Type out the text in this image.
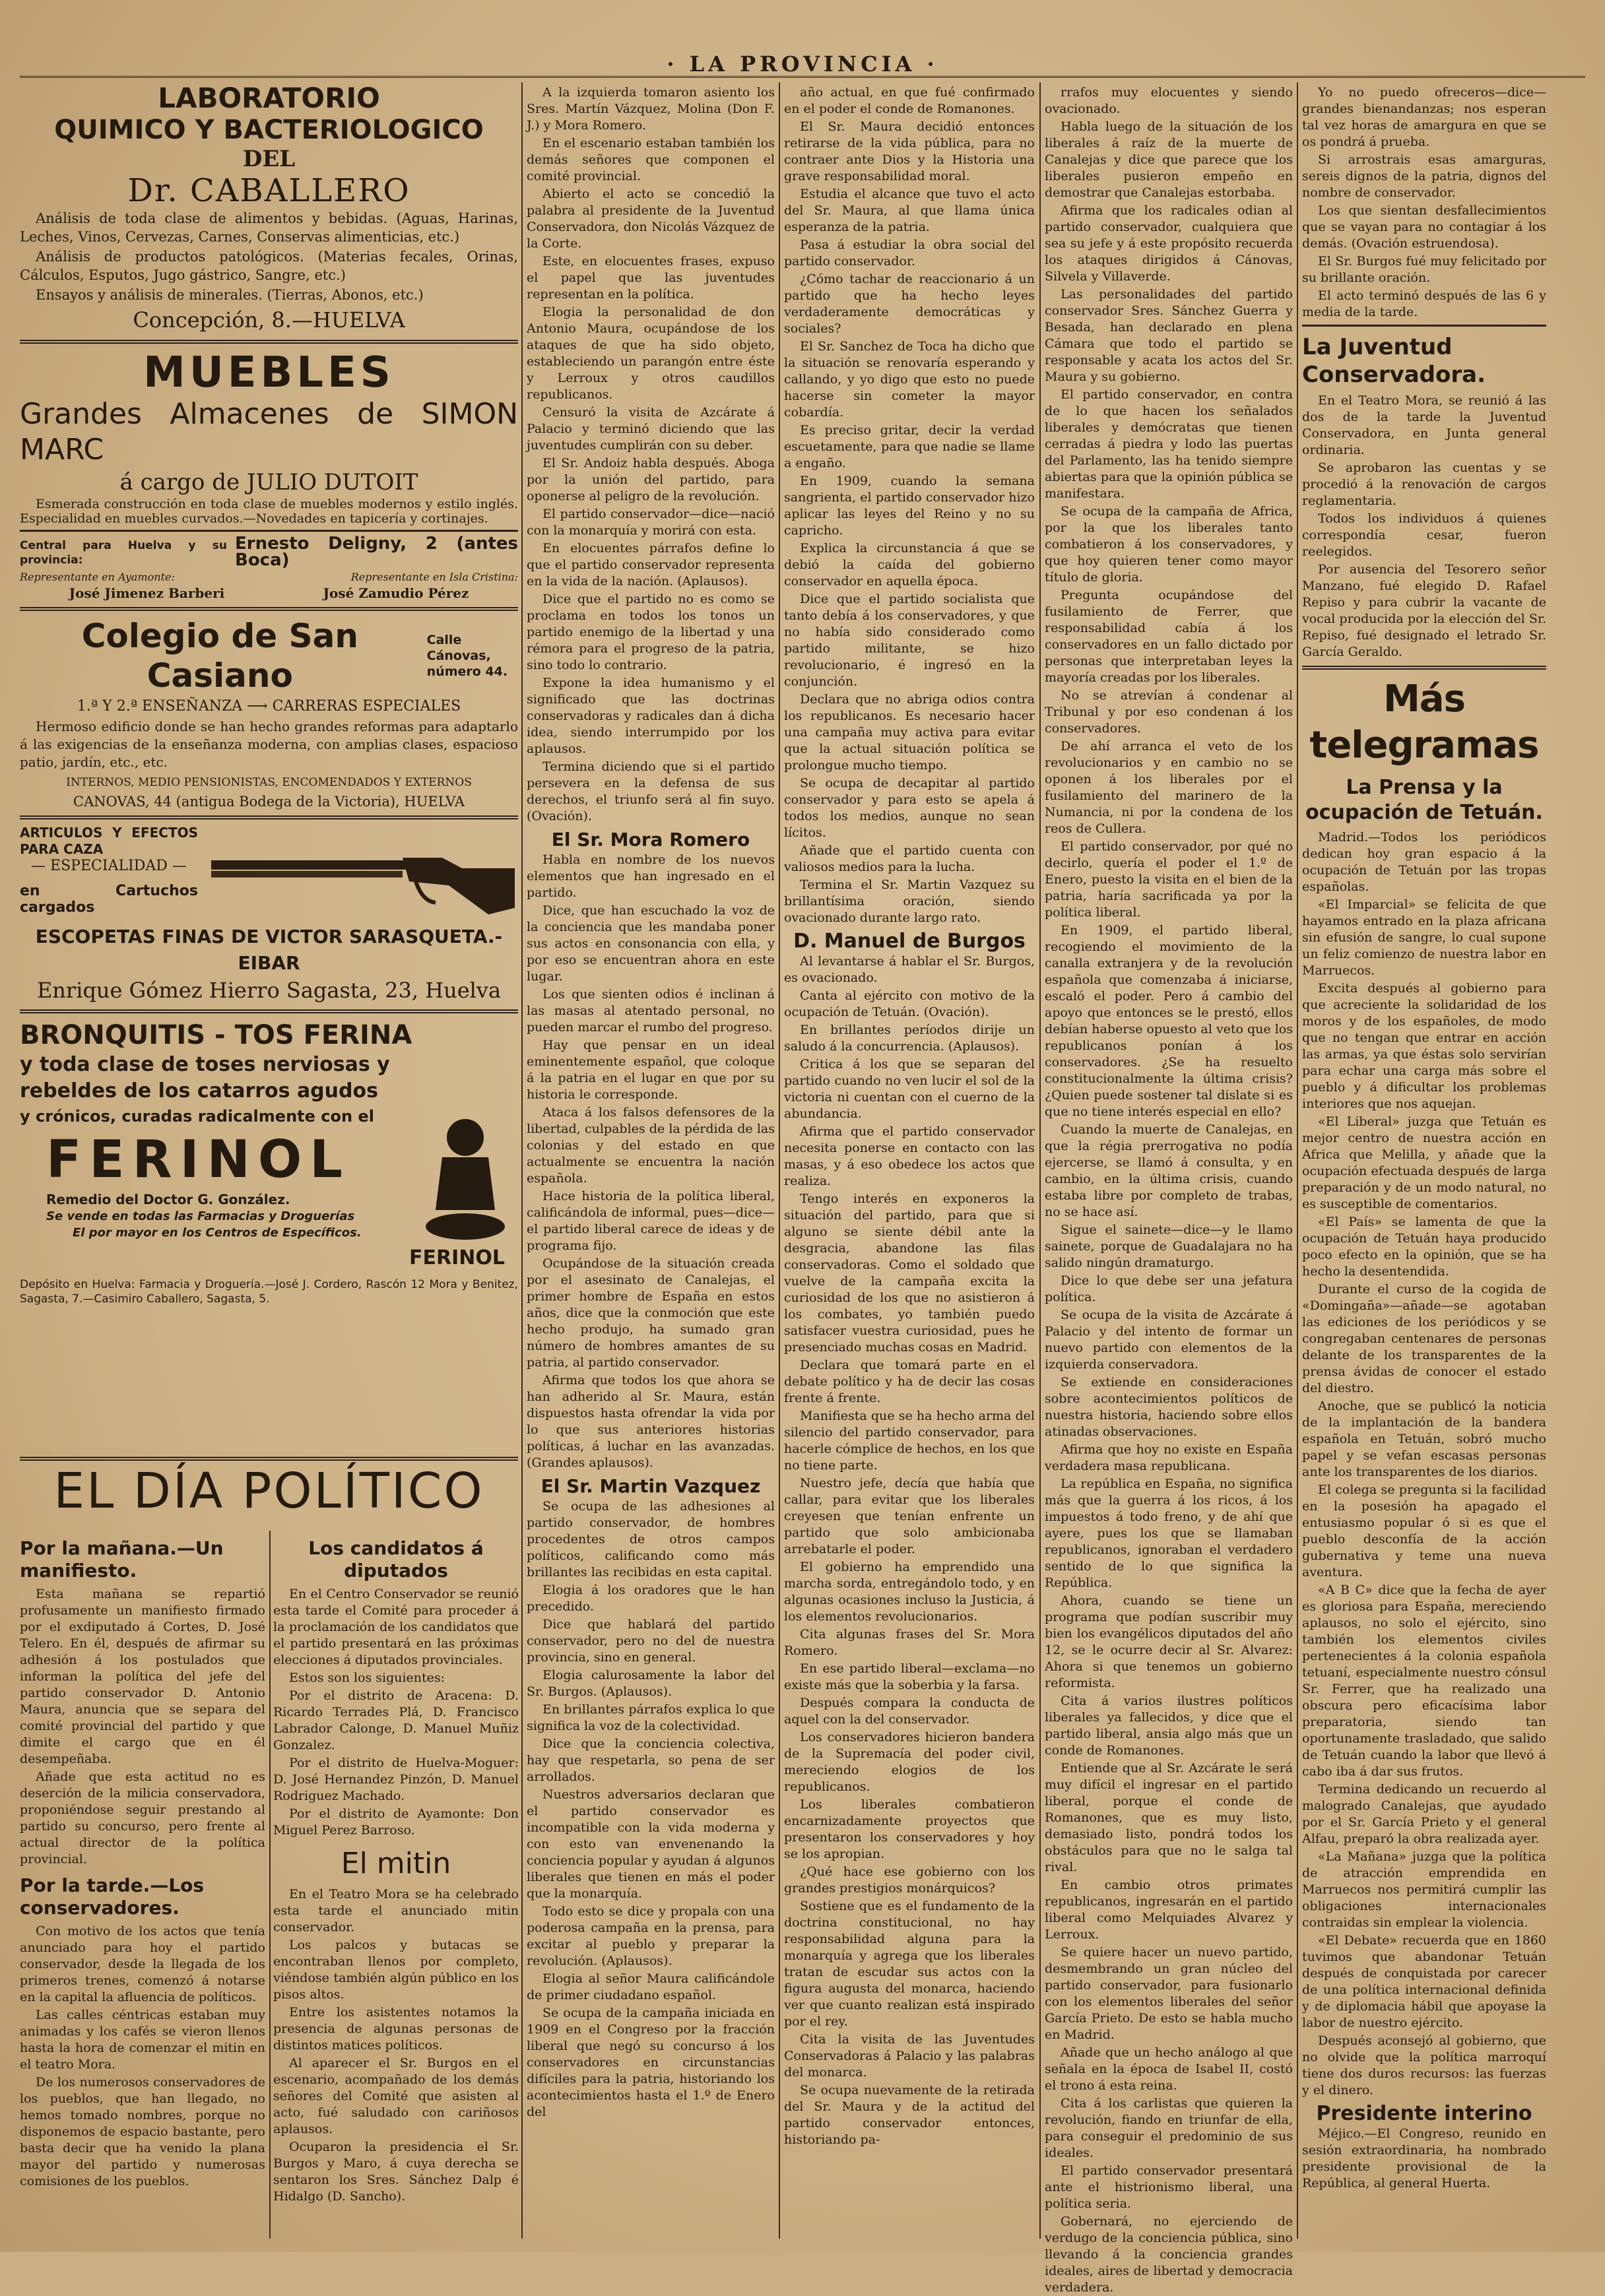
· LA PROVINCIA ·
LABORATORIO
QUIMICO Y BACTERIOLOGICO
DEL
Dr. CABALLERO

Análisis de toda clase de alimentos y bebidas. (Aguas, Harinas, Leches, Vinos, Cervezas, Carnes, Conservas alimenticias, etc.)

Análisis de productos patológicos. (Materias fecales, Orinas, Cálculos, Esputos, Jugo gástrico, Sangre, etc.)

Ensayos y análisis de minerales. (Tierras, Abonos, etc.)

Concepción, 8.—HUELVA
MUEBLES
Grandes Almacenes de SIMON MARC
á cargo de JULIO DUTOIT

Esmerada construcción en toda clase de muebles modernos y estilo inglés. Especialidad en muebles curvados.—Novedades en tapicería y cortinajes.

Central para Huelva y su provincia:
Ernesto Deligny, 2 (antes Boca)
Representante en Ayamonte:	Representante en Isla Cristina:
José Jimenez Barberi	José Zamudio Pérez
Colegio de San Casiano
Calle Cánovas, número 44.
1.ª Y 2.ª ENSEÑANZA ⟶ CARRERAS ESPECIALES

Hermoso edificio donde se han hecho grandes reformas para adaptarlo á las exigencias de la enseñanza moderna, con amplias clases, espacioso patio, jardín, etc., etc.

INTERNOS, MEDIO PENSIONISTAS, ENCOMENDADOS Y EXTERNOS
CANOVAS, 44 (antigua Bodega de la Victoria), HUELVA
ARTICULOS Y EFECTOS PARA CAZA
— ESPECIALIDAD —
en Cartuchos cargados
ESCOPETAS FINAS DE VICTOR SARASQUETA.-EIBAR
Enrique Gómez Hierro Sagasta, 23, Huelva
BRONQUITIS - TOS FERINA
y toda clase de toses nerviosas y
rebeldes de los catarros agudos
y crónicos, curadas radicalmente con el
FERINOL
Remedio del Doctor G. González.
Se vende en todas las Farmacias y Droguerías
El por mayor en los Centros de Específicos.
FERINOL
Depósito en Huelva: Farmacia y Droguería.—José J. Cordero, Rascón 12 Mora y Benitez, Sagasta, 7.—Casimiro Caballero, Sagasta, 5.
EL DÍA POLÍTICO
Por la mañana.—Un manifiesto.

Esta mañana se repartió profusamente un manifiesto firmado por el exdiputado á Cortes, D. José Telero. En él, después de afirmar su adhesión á los postulados que informan la política del jefe del partido conservador D. Antonio Maura, anuncia que se separa del comité provincial del partido y que dimite el cargo que en él desempeñaba.

Añade que esta actitud no es deserción de la milicia conservadora, proponiéndose seguir prestando al partido su concurso, pero frente al actual director de la política provincial.

Por la tarde.—Los conservadores.

Con motivo de los actos que tenía anunciado para hoy el partido conservador, desde la llegada de los primeros trenes, comenzó á notarse en la capital la afluencia de políticos.

Las calles céntricas estaban muy animadas y los cafés se vieron llenos hasta la hora de comenzar el mitin en el teatro Mora.

De los numerosos conservadores de los pueblos, que han llegado, no hemos tomado nombres, porque no disponemos de espacio bastante, pero basta decir que ha venido la plana mayor del partido y numerosas comisiones de los pueblos.

Los candidatos á diputados

En el Centro Conservador se reunió esta tarde el Comité para proceder á la proclamación de los candidatos que el partido presentará en las próximas elecciones á diputados provinciales.

Estos son los siguientes:

Por el distrito de Aracena: D. Ricardo Terrades Plá, D. Francisco Labrador Calonge, D. Manuel Muñiz Gonzalez.

Por el distrito de Huelva-Moguer: D. José Hernandez Pinzón, D. Manuel Rodriguez Machado.

Por el distrito de Ayamonte: Don Miguel Perez Barroso.

El mitin

En el Teatro Mora se ha celebrado esta tarde el anunciado mitin conservador.

Los palcos y butacas se encontraban llenos por completo, viéndose también algún público en los pisos altos.

Entre los asistentes notamos la presencia de algunas personas de distintos matices políticos.

Al aparecer el Sr. Burgos en el escenario, acompañado de los demás señores del Comité que asisten al acto, fué saludado con cariñosos aplausos.

Ocuparon la presidencia el Sr. Burgos y Maro, á cuya derecha se sentaron los Sres. Sánchez Dalp é Hidalgo (D. Sancho).

A la izquierda tomaron asiento los Sres. Martín Vázquez, Molina (Don F. J.) y Mora Romero.

En el escenario estaban también los demás señores que componen el comité provincial.

Abierto el acto se concedió la palabra al presidente de la Juventud Conservadora, don Nicolás Vázquez de la Corte.

Este, en elocuentes frases, expuso el papel que las juventudes representan en la política.

Elogia la personalidad de don Antonio Maura, ocupándose de los ataques de que ha sido objeto, estableciendo un parangón entre éste y Lerroux y otros caudillos republicanos.

Censuró la visita de Azcárate á Palacio y terminó diciendo que las juventudes cumplirán con su deber.

El Sr. Andoiz habla después. Aboga por la unión del partido, para oponerse al peligro de la revolución.

El partido conservador—dice—nació con la monarquía y morirá con esta.

En elocuentes párrafos define lo que el partido conservador representa en la vida de la nación. (Aplausos).

Dice que el partido no es como se proclama en todos los tonos un partido enemigo de la libertad y una rémora para el progreso de la patria, sino todo lo contrario.

Expone la idea humanismo y el significado que las doctrinas conservadoras y radicales dan á dicha idea, siendo interrumpido por los aplausos.

Termina diciendo que si el partido persevera en la defensa de sus derechos, el triunfo será al fin suyo. (Ovación).

El Sr. Mora Romero

Habla en nombre de los nuevos elementos que han ingresado en el partido.

Dice, que han escuchado la voz de la conciencia que les mandaba poner sus actos en consonancia con ella, y por eso se encuentran ahora en este lugar.

Los que sienten odios é inclinan á las masas al atentado personal, no pueden marcar el rumbo del progreso.

Hay que pensar en un ideal eminentemente español, que coloque á la patria en el lugar en que por su historia le corresponde.

Ataca á los falsos defensores de la libertad, culpables de la pérdida de las colonias y del estado en que actualmente se encuentra la nación española.

Hace historia de la política liberal, calificándola de informal, pues—dice—el partido liberal carece de ideas y de programa fijo.

Ocupándose de la situación creada por el asesinato de Canalejas, el primer hombre de España en estos años, dice que la conmoción que este hecho produjo, ha sumado gran número de hombres amantes de su patria, al partido conservador.

Afirma que todos los que ahora se han adherido al Sr. Maura, están dispuestos hasta ofrendar la vida por lo que sus anteriores historias políticas, á luchar en las avanzadas. (Grandes aplausos).

El Sr. Martin Vazquez

Se ocupa de las adhesiones al partido conservador, de hombres procedentes de otros campos políticos, calificando como más brillantes las recibidas en esta capital.

Elogia á los oradores que le han precedido.

Dice que hablará del partido conservador, pero no del de nuestra provincia, sino en general.

Elogia calurosamente la labor del Sr. Burgos. (Aplausos).

En brillantes párrafos explica lo que significa la voz de la colectividad.

Dice que la conciencia colectiva, hay que respetarla, so pena de ser arrollados.

Nuestros adversarios declaran que el partido conservador es incompatible con la vida moderna y con esto van envenenando la conciencia popular y ayudan á algunos liberales que tienen en más el poder que la monarquía.

Todo esto se dice y propala con una poderosa campaña en la prensa, para excitar al pueblo y preparar la revolución. (Aplausos).

Elogia al señor Maura calificándole de primer ciudadano español.

Se ocupa de la campaña iniciada en 1909 en el Congreso por la fracción liberal que negó su concurso á los conservadores en circunstancias difíciles para la patria, historiando los acontecimientos hasta el 1.º de Enero del

año actual, en que fué confirmado en el poder el conde de Romanones.

El Sr. Maura decidió entonces retirarse de la vida pública, para no contraer ante Dios y la Historia una grave responsabilidad moral.

Estudia el alcance que tuvo el acto del Sr. Maura, al que llama única esperanza de la patria.

Pasa á estudiar la obra social del partido conservador.

¿Cómo tachar de reaccionario á un partido que ha hecho leyes verdaderamente democráticas y sociales?

El Sr. Sanchez de Toca ha dicho que la situación se renovaría esperando y callando, y yo digo que esto no puede hacerse sin cometer la mayor cobardía.

Es preciso gritar, decir la verdad escuetamente, para que nadie se llame a engaño.

En 1909, cuando la semana sangrienta, el partido conservador hizo aplicar las leyes del Reino y no su capricho.

Explica la circunstancia á que se debió la caída del gobierno conservador en aquella época.

Dice que el partido socialista que tanto debía á los conservadores, y que no había sido considerado como partido militante, se hizo revolucionario, é ingresó en la conjunción.

Declara que no abriga odios contra los republicanos. Es necesario hacer una campaña muy activa para evitar que la actual situación política se prolongue mucho tiempo.

Se ocupa de decapitar al partido conservador y para esto se apela á todos los medios, aunque no sean lícitos.

Añade que el partido cuenta con valiosos medios para la lucha.

Termina el Sr. Martin Vazquez su brillantísima oración, siendo ovacionado durante largo rato.

D. Manuel de Burgos

Al levantarse á hablar el Sr. Burgos, es ovacionado.

Canta al ejército con motivo de la ocupación de Tetuán. (Ovación).

En brillantes períodos dirije un saludo á la concurrencia. (Aplausos).

Critica á los que se separan del partido cuando no ven lucir el sol de la victoria ni cuentan con el cuerno de la abundancia.

Afirma que el partido conservador necesita ponerse en contacto con las masas, y á eso obedece los actos que realiza.

Tengo interés en exponeros la situación del partido, para que si alguno se siente débil ante la desgracia, abandone las filas conservadoras. Como el soldado que vuelve de la campaña excita la curiosidad de los que no asistieron á los combates, yo también puedo satisfacer vuestra curiosidad, pues he presenciado muchas cosas en Madrid.

Declara que tomará parte en el debate político y ha de decir las cosas frente á frente.

Manifiesta que se ha hecho arma del silencio del partido conservador, para hacerle cómplice de hechos, en los que no tiene parte.

Nuestro jefe, decía que había que callar, para evitar que los liberales creyesen que tenían enfrente un partido que solo ambicionaba arrebatarle el poder.

El gobierno ha emprendido una marcha sorda, entregándolo todo, y en algunas ocasiones incluso la Justicia, á los elementos revolucionarios.

Cita algunas frases del Sr. Mora Romero.

En ese partido liberal—exclama—no existe más que la soberbia y la farsa.

Después compara la conducta de aquel con la del conservador.

Los conservadores hicieron bandera de la Supremacía del poder civil, mereciendo elogios de los republicanos.

Los liberales combatieron encarnizadamente proyectos que presentaron los conservadores y hoy se los apropian.

¿Qué hace ese gobierno con los grandes prestigios monárquicos?

Sostiene que es el fundamento de la doctrina constitucional, no hay responsabilidad alguna para la monarquía y agrega que los liberales tratan de escudar sus actos con la figura augusta del monarca, haciendo ver que cuanto realizan está inspirado por el rey.

Cita la visita de las Juventudes Conservadoras á Palacio y las palabras del monarca.

Se ocupa nuevamente de la retirada del Sr. Maura y de la actitud del partido conservador entonces, historiando pa-

rrafos muy elocuentes y siendo ovacionado.

Habla luego de la situación de los liberales á raíz de la muerte de Canalejas y dice que parece que los liberales pusieron empeño en demostrar que Canalejas estorbaba.

Afirma que los radicales odian al partido conservador, cualquiera que sea su jefe y á este propósito recuerda los ataques dirigidos á Cánovas, Silvela y Villaverde.

Las personalidades del partido conservador Sres. Sánchez Guerra y Besada, han declarado en plena Cámara que todo el partido se responsable y acata los actos del Sr. Maura y su gobierno.

El partido conservador, en contra de lo que hacen los señalados liberales y demócratas que tienen cerradas á piedra y lodo las puertas del Parlamento, las ha tenido siempre abiertas para que la opinión pública se manifestara.

Se ocupa de la campaña de Africa, por la que los liberales tanto combatieron á los conservadores, y que hoy quieren tener como mayor título de gloria.

Pregunta ocupándose del fusilamiento de Ferrer, que responsabilidad cabía á los conservadores en un fallo dictado por personas que interpretaban leyes la mayoría creadas por los liberales.

No se atrevían á condenar al Tribunal y por eso condenan á los conservadores.

De ahí arranca el veto de los revolucionarios y en cambio no se oponen á los liberales por el fusilamiento del marinero de la Numancia, ni por la condena de los reos de Cullera.

El partido conservador, por qué no decirlo, quería el poder el 1.º de Enero, puesto la visita en el bien de la patria, haría sacrificada ya por la política liberal.

En 1909, el partido liberal, recogiendo el movimiento de la canalla extranjera y de la revolución española que comenzaba á iniciarse, escaló el poder. Pero á cambio del apoyo que entonces se le prestó, ellos debían haberse opuesto al veto que los republicanos ponían á los conservadores. ¿Se ha resuelto constitucionalmente la última crisis? ¿Quien puede sostener tal dislate si es que no tiene interés especial en ello?

Cuando la muerte de Canalejas, en que la régia prerrogativa no podía ejercerse, se llamó á consulta, y en cambio, en la última crisis, cuando estaba libre por completo de trabas, no se hace así.

Sigue el sainete—dice—y le llamo sainete, porque de Guadalajara no ha salido ningún dramaturgo.

Dice lo que debe ser una jefatura política.

Se ocupa de la visita de Azcárate á Palacio y del intento de formar un nuevo partido con elementos de la izquierda conservadora.

Se extiende en consideraciones sobre acontecimientos políticos de nuestra historia, haciendo sobre ellos atinadas observaciones.

Afirma que hoy no existe en España verdadera masa republicana.

La república en España, no significa más que la guerra á los ricos, á los impuestos á todo freno, y de ahí que ayere, pues los que se llamaban republicanos, ignoraban el verdadero sentido de lo que significa la República.

Ahora, cuando se tiene un programa que podían suscribir muy bien los evangélicos diputados del año 12, se le ocurre decir al Sr. Alvarez: Ahora si que tenemos un gobierno reformista.

Cita á varios ilustres políticos liberales ya fallecidos, y dice que el partido liberal, ansia algo más que un conde de Romanones.

Entiende que al Sr. Azcárate le será muy difícil el ingresar en el partido liberal, porque el conde de Romanones, que es muy listo, demasiado listo, pondrá todos los obstáculos para que no le salga tal rival.

En cambio otros primates republicanos, ingresarán en el partido liberal como Melquiades Alvarez y Lerroux.

Se quiere hacer un nuevo partido, desmembrando un gran núcleo del partido conservador, para fusionarlo con los elementos liberales del señor García Prieto. De esto se habla mucho en Madrid.

Añade que un hecho análogo al que señala en la época de Isabel II, costó el trono á esta reina.

Cita á los carlistas que quieren la revolución, fiando en triunfar de ella, para conseguir el predominio de sus ideales.

El partido conservador presentará ante el histrionismo liberal, una política seria.

Gobernará, no ejerciendo de verdugo de la conciencia pública, sino llevando á la conciencia grandes ideales, aires de libertad y democracia verdadera.

Yo no puedo ofreceros—dice—grandes bienandanzas; nos esperan tal vez horas de amargura en que se os pondrá á prueba.

Si arrostrais esas amarguras, sereis dignos de la patria, dignos del nombre de conservador.

Los que sientan desfallecimientos que se vayan para no contagiar á los demás. (Ovación estruendosa).

El Sr. Burgos fué muy felicitado por su brillante oración.

El acto terminó después de las 6 y media de la tarde.

La Juventud Conservadora.

En el Teatro Mora, se reunió á las dos de la tarde la Juventud Conservadora, en Junta general ordinaria.

Se aprobaron las cuentas y se procedió á la renovación de cargos reglamentaria.

Todos los individuos á quienes correspondía cesar, fueron reelegidos.

Por ausencia del Tesorero señor Manzano, fué elegido D. Rafael Repiso y para cubrir la vacante de vocal producida por la elección del Sr. Repiso, fué designado el letrado Sr. García Geraldo.

Más telegramas
La Prensa y la ocupación de Tetuán.

Madrid.—Todos los periódicos dedican hoy gran espacio á la ocupación de Tetuán por las tropas españolas.

«El Imparcial» se felicita de que hayamos entrado en la plaza africana sin efusión de sangre, lo cual supone un feliz comienzo de nuestra labor en Marruecos.

Excita después al gobierno para que acreciente la solidaridad de los moros y de los españoles, de modo que no tengan que entrar en acción las armas, ya que éstas solo servirían para echar una carga más sobre el pueblo y á dificultar los problemas interiores que nos aquejan.

«El Liberal» juzga que Tetuán es mejor centro de nuestra acción en Africa que Melilla, y añade que la ocupación efectuada después de larga preparación y de un modo natural, no es susceptible de comentarios.

«El País» se lamenta de que la ocupación de Tetuán haya producido poco efecto en la opinión, que se ha hecho la desentendida.

Durante el curso de la cogida de «Domingaña»—añade—se agotaban las ediciones de los periódicos y se congregaban centenares de personas delante de los transparentes de la prensa ávidas de conocer el estado del diestro.

Anoche, que se publicó la noticia de la implantación de la bandera española en Tetuán, sobró mucho papel y se vefan escasas personas ante los transparentes de los diarios.

El colega se pregunta si la facilidad en la posesión ha apagado el entusiasmo popular ó si es que el pueblo desconfía de la acción gubernativa y teme una nueva aventura.

«A B C» dice que la fecha de ayer es gloriosa para España, mereciendo aplausos, no solo el ejército, sino también los elementos civiles pertenecientes á la colonia española tetuaní, especialmente nuestro cónsul Sr. Ferrer, que ha realizado una obscura pero eficacísima labor preparatoria, siendo tan oportunamente trasladado, que salido de Tetuán cuando la labor que llevó á cabo iba á dar sus frutos.

Termina dedicando un recuerdo al malogrado Canalejas, que ayudado por el Sr. García Prieto y el general Alfau, preparó la obra realizada ayer.

«La Mañana» juzga que la política de atracción emprendida en Marruecos nos permitirá cumplir las obligaciones internacionales contraidas sin emplear la violencia.

«El Debate» recuerda que en 1860 tuvimos que abandonar Tetuán después de conquistada por carecer de una política internacional definida y de diplomacia hábil que apoyase la labor de nuestro ejército.

Después aconsejó al gobierno, que no olvide que la política marroquí tiene dos duros recursos: las fuerzas y el dinero.

Presidente interino

Méjico.—El Congreso, reunido en sesión extraordinaria, ha nombrado presidente provisional de la República, al general Huerta.
